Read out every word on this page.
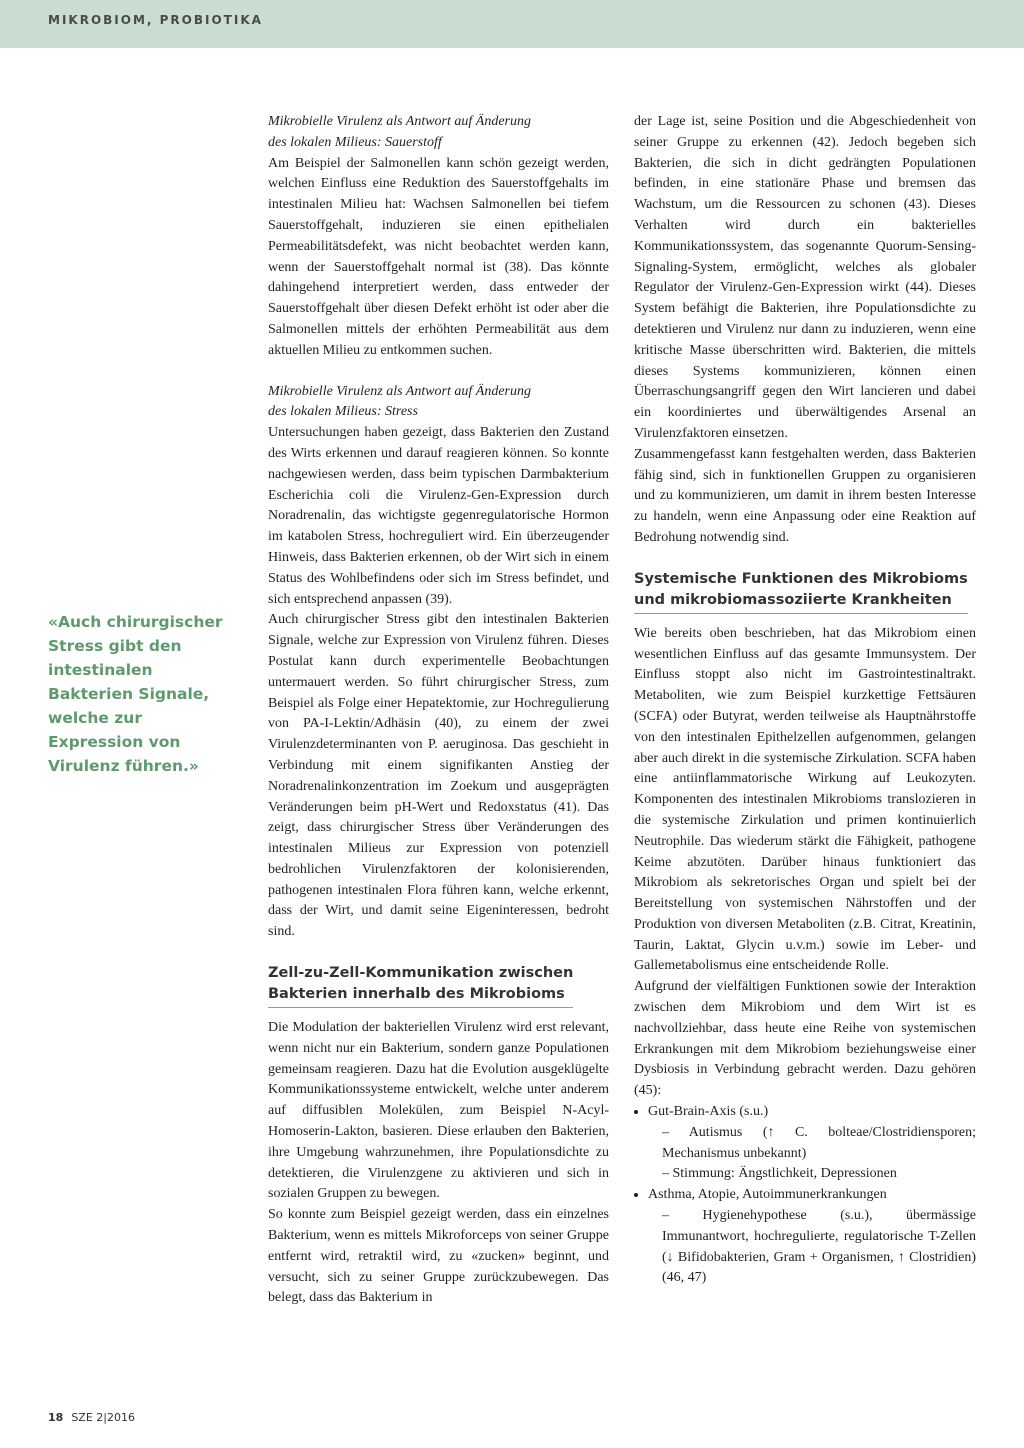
MIKROBIOM, PROBIOTIKA
«Auch chirurgischer Stress gibt den intestinalen Bakterien Signale, welche zur Expression von Virulenz führen.»
Mikrobielle Virulenz als Antwort auf Änderung
des lokalen Milieus: Sauerstoff

Am Beispiel der Salmonellen kann schön gezeigt werden, welchen Einfluss eine Reduktion des Sauerstoffgehalts im intestinalen Milieu hat: Wachsen Salmonellen bei tiefem Sauerstoffgehalt, induzieren sie einen epithelialen Permeabilitätsdefekt, was nicht beobachtet werden kann, wenn der Sauerstoffgehalt normal ist (38). Das könnte dahingehend interpretiert werden, dass entweder der Sauerstoffgehalt über diesen Defekt erhöht ist oder aber die Salmonellen mittels der erhöhten Permeabilität aus dem aktuellen Milieu zu entkommen suchen.

Mikrobielle Virulenz als Antwort auf Änderung
des lokalen Milieus: Stress

Untersuchungen haben gezeigt, dass Bakterien den Zustand des Wirts erkennen und darauf reagieren können. So konnte nachgewiesen werden, dass beim typischen Darmbakterium Escherichia coli die Virulenz-Gen-Expression durch Noradrenalin, das wichtigste gegenregulatorische Hormon im katabolen Stress, hochreguliert wird. Ein überzeugender Hinweis, dass Bakterien erkennen, ob der Wirt sich in einem Status des Wohlbefindens oder sich im Stress befindet, und sich entsprechend anpassen (39).

Auch chirurgischer Stress gibt den intestinalen Bakterien Signale, welche zur Expression von Virulenz führen. Dieses Postulat kann durch experimentelle Beobachtungen untermauert werden. So führt chirurgischer Stress, zum Beispiel als Folge einer Hepatektomie, zur Hochregulierung von PA-I-Lektin/Adhäsin (40), zu einem der zwei Virulenzdeterminanten von P. aeruginosa. Das geschieht in Verbindung mit einem signifikanten Anstieg der Noradrenalinkonzentration im Zoekum und ausgeprägten Veränderungen beim pH-Wert und Redoxstatus (41). Das zeigt, dass chirurgischer Stress über Veränderungen des intestinalen Milieus zur Expression von potenziell bedrohlichen Virulenzfaktoren der kolonisierenden, pathogenen intestinalen Flora führen kann, welche erkennt, dass der Wirt, und damit seine Eigeninteressen, bedroht sind.

Zell-zu-Zell-Kommunikation zwischen
Bakterien innerhalb des Mikrobioms

Die Modulation der bakteriellen Virulenz wird erst relevant, wenn nicht nur ein Bakterium, sondern ganze Populationen gemeinsam reagieren. Dazu hat die Evolution ausgeklügelte Kommunikationssysteme entwickelt, welche unter anderem auf diffusiblen Molekülen, zum Beispiel N-Acyl-Homoserin-Lakton, basieren. Diese erlauben den Bakterien, ihre Umgebung wahrzunehmen, ihre Populationsdichte zu detektieren, die Virulenzgene zu aktivieren und sich in sozialen Gruppen zu bewegen.

So konnte zum Beispiel gezeigt werden, dass ein einzelnes Bakterium, wenn es mittels Mikroforceps von seiner Gruppe entfernt wird, retraktil wird, zu «zucken» beginnt, und versucht, sich zu seiner Gruppe zurückzubewegen. Das belegt, dass das Bakterium in

der Lage ist, seine Position und die Abgeschiedenheit von seiner Gruppe zu erkennen (42). Jedoch begeben sich Bakterien, die sich in dicht gedrängten Populationen befinden, in eine stationäre Phase und bremsen das Wachstum, um die Ressourcen zu schonen (43). Dieses Verhalten wird durch ein bakterielles Kommunikationssystem, das sogenannte Quorum-Sensing-Signaling-System, ermöglicht, welches als globaler Regulator der Virulenz-Gen-Expression wirkt (44). Dieses System befähigt die Bakterien, ihre Populationsdichte zu detektieren und Virulenz nur dann zu induzieren, wenn eine kritische Masse überschritten wird. Bakterien, die mittels dieses Systems kommunizieren, können einen Überraschungsangriff gegen den Wirt lancieren und dabei ein koordiniertes und überwältigendes Arsenal an Virulenzfaktoren einsetzen.

Zusammengefasst kann festgehalten werden, dass Bakterien fähig sind, sich in funktionellen Gruppen zu organisieren und zu kommunizieren, um damit in ihrem besten Interesse zu handeln, wenn eine Anpassung oder eine Reaktion auf Bedrohung notwendig sind.

Systemische Funktionen des Mikrobioms
und mikrobiomassoziierte Krankheiten

Wie bereits oben beschrieben, hat das Mikrobiom einen wesentlichen Einfluss auf das gesamte Immunsystem. Der Einfluss stoppt also nicht im Gastrointestinaltrakt. Metaboliten, wie zum Beispiel kurzkettige Fettsäuren (SCFA) oder Butyrat, werden teilweise als Hauptnährstoffe von den intestinalen Epithelzellen aufgenommen, gelangen aber auch direkt in die systemische Zirkulation. SCFA haben eine antiinflammatorische Wirkung auf Leukozyten. Komponenten des intestinalen Mikrobioms translozieren in die systemische Zirkulation und primen kontinuierlich Neutrophile. Das wiederum stärkt die Fähigkeit, pathogene Keime abzutöten. Darüber hinaus funktioniert das Mikrobiom als sekretorisches Organ und spielt bei der Bereitstellung von systemischen Nährstoffen und der Produktion von diversen Metaboliten (z.B. Citrat, Kreatinin, Taurin, Laktat, Glycin u.v.m.) sowie im Leber- und Gallemetabolismus eine entscheidende Rolle.

Aufgrund der vielfältigen Funktionen sowie der Interaktion zwischen dem Mikrobiom und dem Wirt ist es nachvollziehbar, dass heute eine Reihe von systemischen Erkrankungen mit dem Mikrobiom beziehungsweise einer Dysbiosis in Verbindung gebracht werden. Dazu gehören (45):

• Gut-Brain-Axis (s.u.)
– Autismus (↑ C. bolteae/Clostridiensporen; Mechanismus unbekannt)
– Stimmung: Ängstlichkeit, Depressionen
• Asthma, Atopie, Autoimmunerkrankungen
– Hygienehypothese (s.u.), übermässige Immunantwort, hochregulierte, regulatorische T-Zellen (↓ Bifidobakterien, Gram + Organismen, ↑ Clostridien) (46, 47)
18 SZE 2|2016
